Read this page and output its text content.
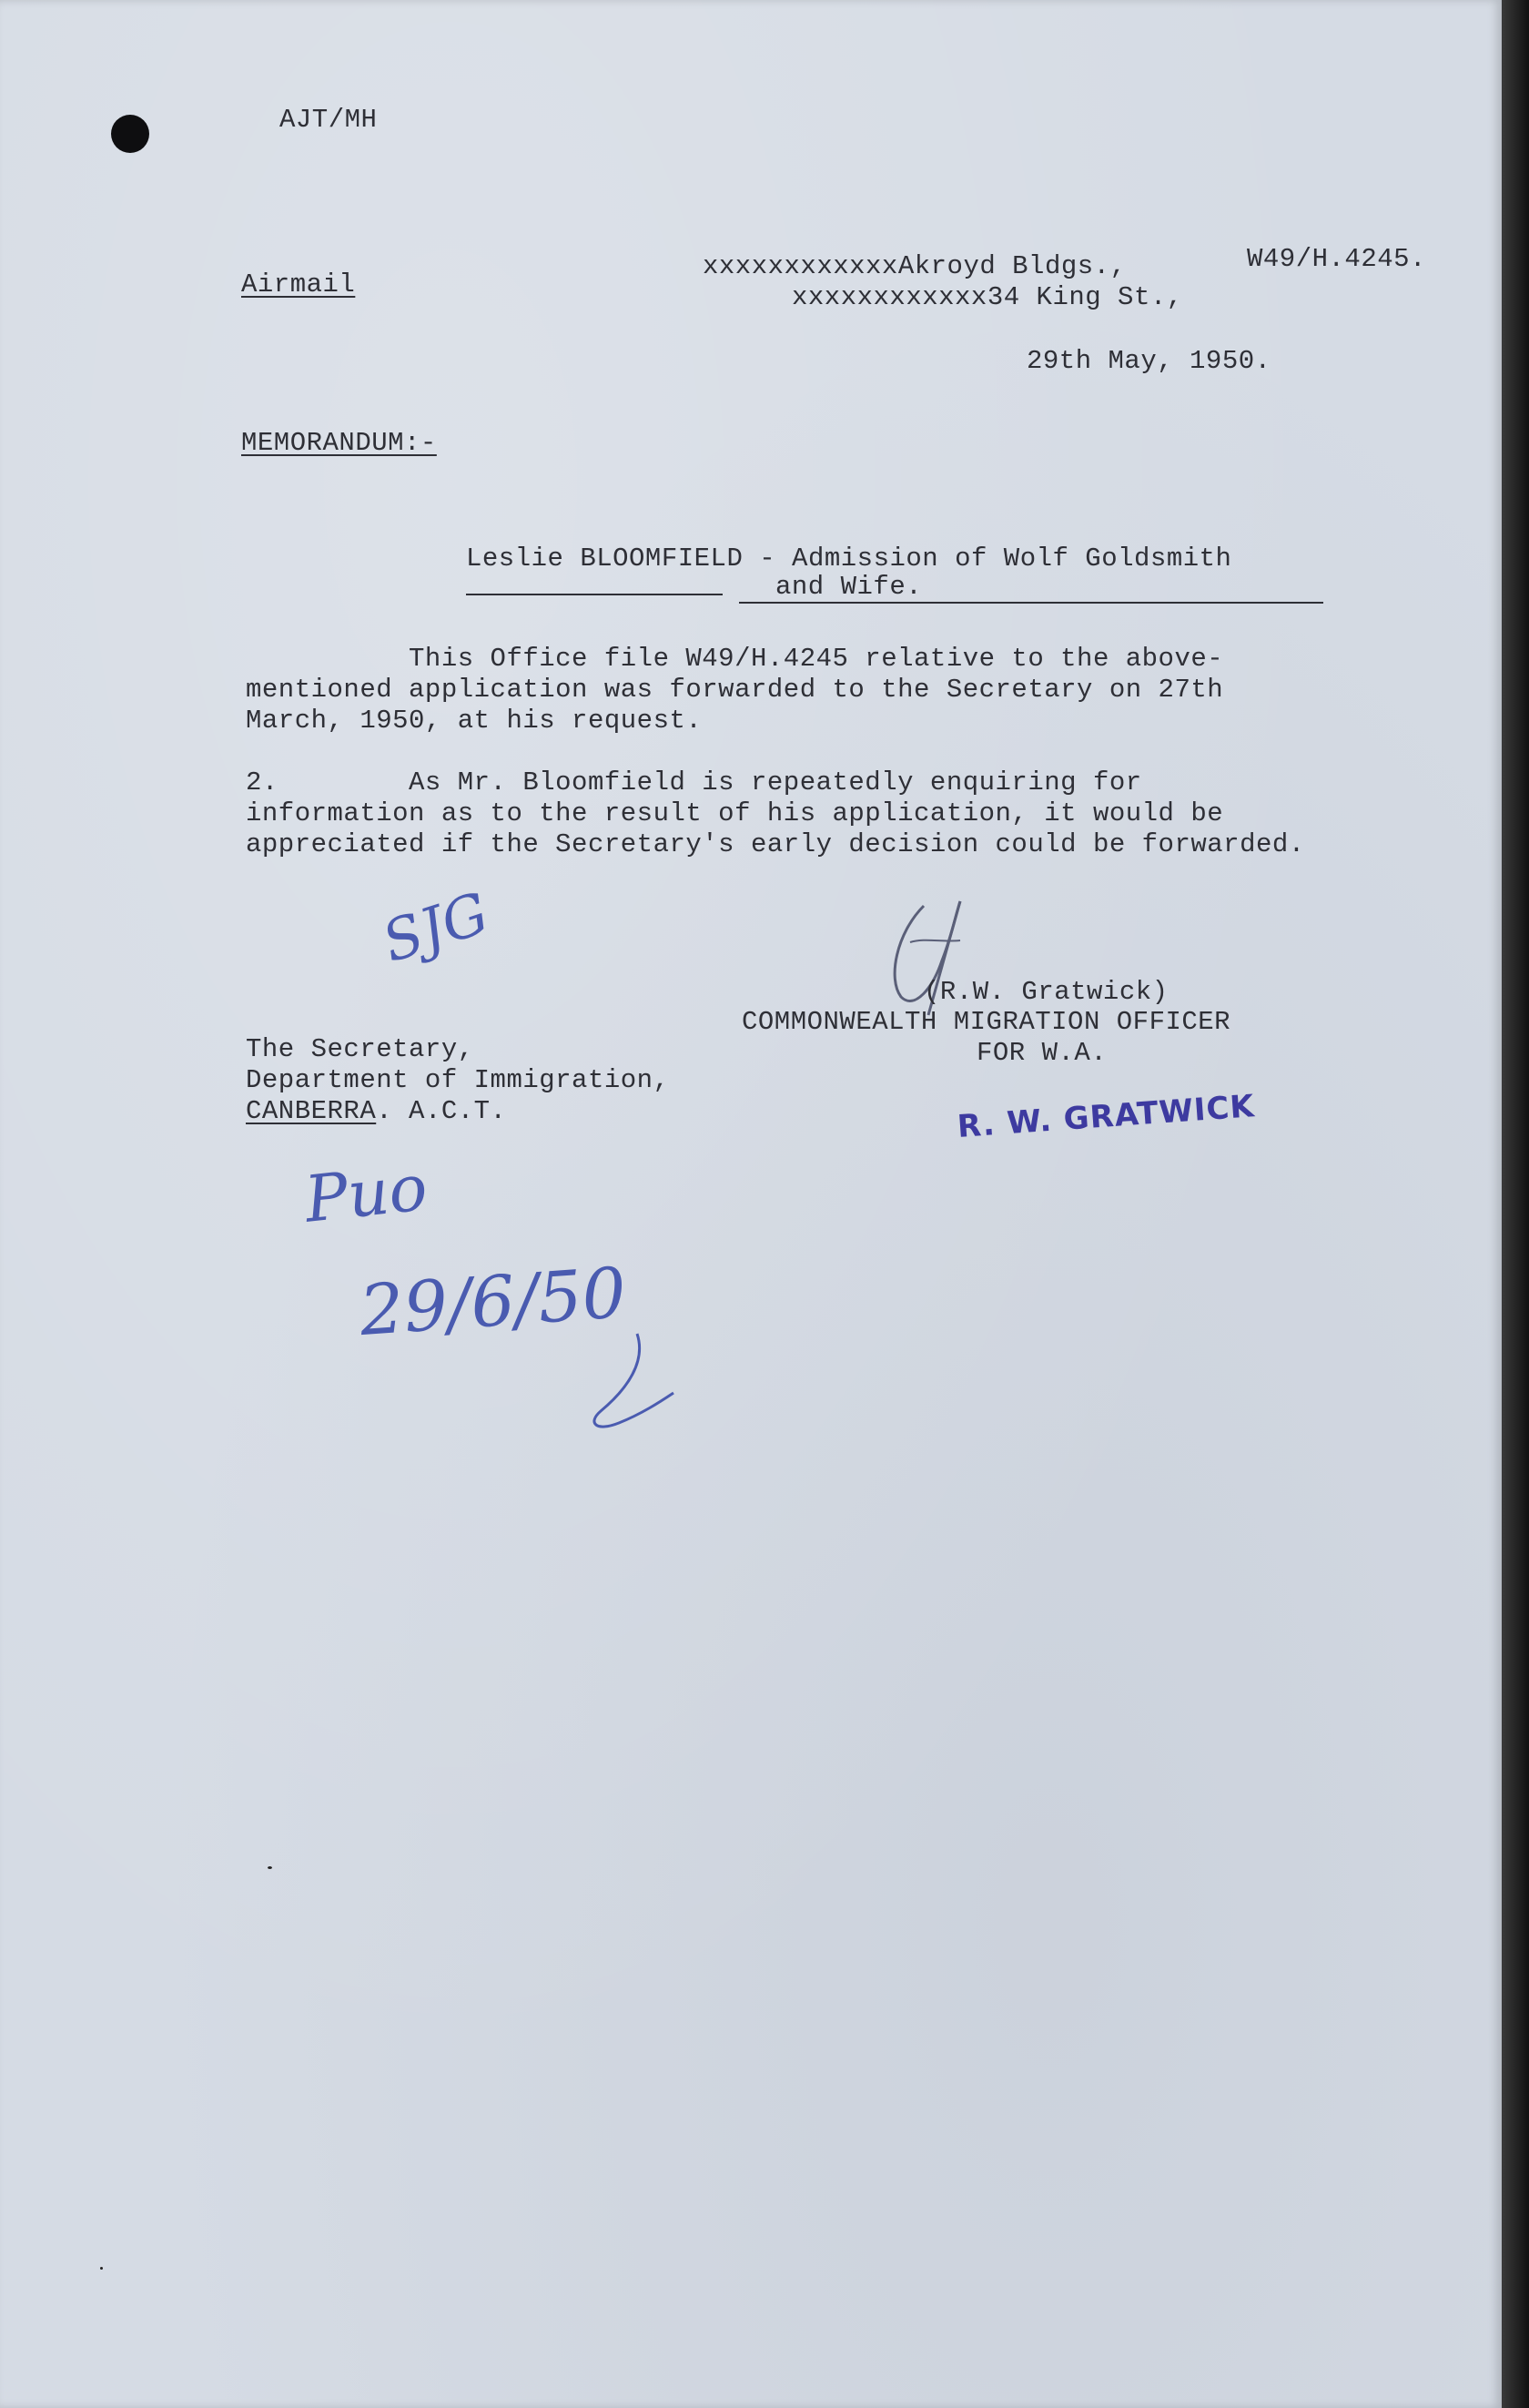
AJT/MH
Airmail
xxxxxxxxxxxxAkroyd Bldgs.,
xxxxxxxxxxxx34 King St.,
W49/H.4245.
29th May, 1950.
MEMORANDUM:-
Leslie BLOOMFIELD - Admission of Wolf Goldsmith
and Wife.
This Office file W49/H.4245 relative to the above-
mentioned application was forwarded to the Secretary on 27th
March, 1950, at his request.
2.        As Mr. Bloomfield is repeatedly enquiring for
information as to the result of his application, it would be
appreciated if the Secretary's early decision could be forwarded.
SJG
(R.W. Gratwick)
COMMONWEALTH MIGRATION OFFICER
FOR W.A.
The Secretary,
Department of Immigration,
CANBERRA. A.C.T.	R. W. GRATWICK
Puo
29/6/50
